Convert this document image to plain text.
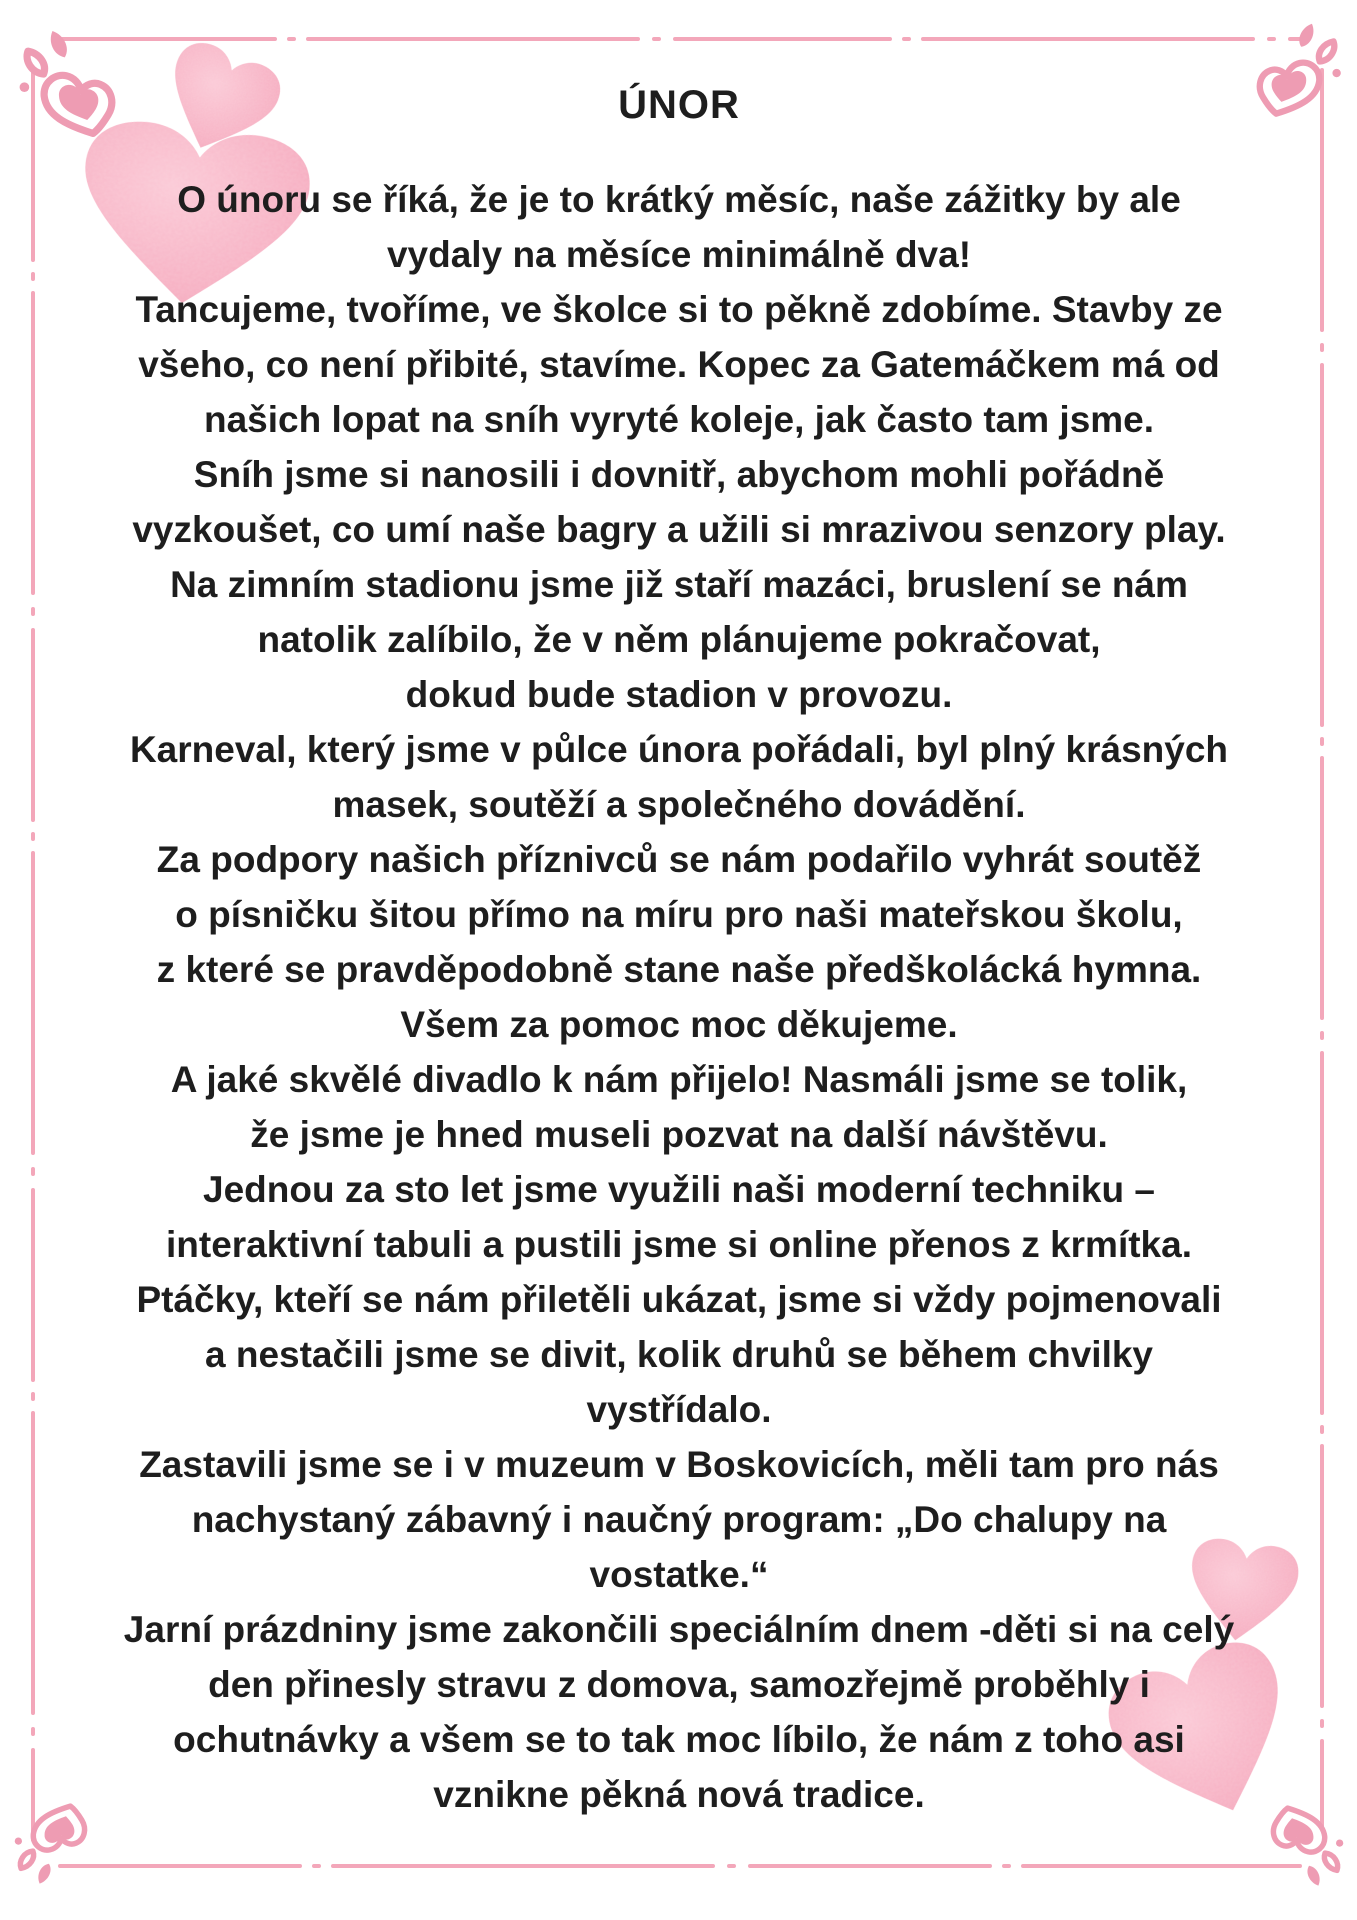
ÚNOR
O únoru se říká, že je to krátký měsíc, naše zážitky by ale
vydaly na měsíce minimálně dva!
Tancujeme, tvoříme, ve školce si to pěkně zdobíme. Stavby ze
všeho, co není přibité, stavíme. Kopec za Gatemáčkem má od
našich lopat na sníh vyryté koleje, jak často tam jsme.
Sníh jsme si nanosili i dovnitř, abychom mohli pořádně
vyzkoušet, co umí naše bagry a užili si mrazivou senzory play.
Na zimním stadionu jsme již staří mazáci, bruslení se nám
natolik zalíbilo, že v něm plánujeme pokračovat,
dokud bude stadion v provozu.
Karneval, který jsme v půlce února pořádali, byl plný krásných
masek, soutěží a společného dovádění.
Za podpory našich příznivců se nám podařilo vyhrát soutěž
o písničku šitou přímo na míru pro naši mateřskou školu,
z které se pravděpodobně stane naše předškolácká hymna.
Všem za pomoc moc děkujeme.
A jaké skvělé divadlo k nám přijelo! Nasmáli jsme se tolik,
že jsme je hned museli pozvat na další návštěvu.
Jednou za sto let jsme využili naši moderní techniku –
interaktivní tabuli a pustili jsme si online přenos z krmítka.
Ptáčky, kteří se nám přiletěli ukázat, jsme si vždy pojmenovali
a nestačili jsme se divit, kolik druhů se během chvilky
vystřídalo.
Zastavili jsme se i v muzeum v Boskovicích, měli tam pro nás
nachystaný zábavný i naučný program: „Do chalupy na
vostatke.“
Jarní prázdniny jsme zakončili speciálním dnem -děti si na celý
den přinesly stravu z domova, samozřejmě proběhly i
ochutnávky a všem se to tak moc líbilo, že nám z toho asi
vznikne pěkná nová tradice.
